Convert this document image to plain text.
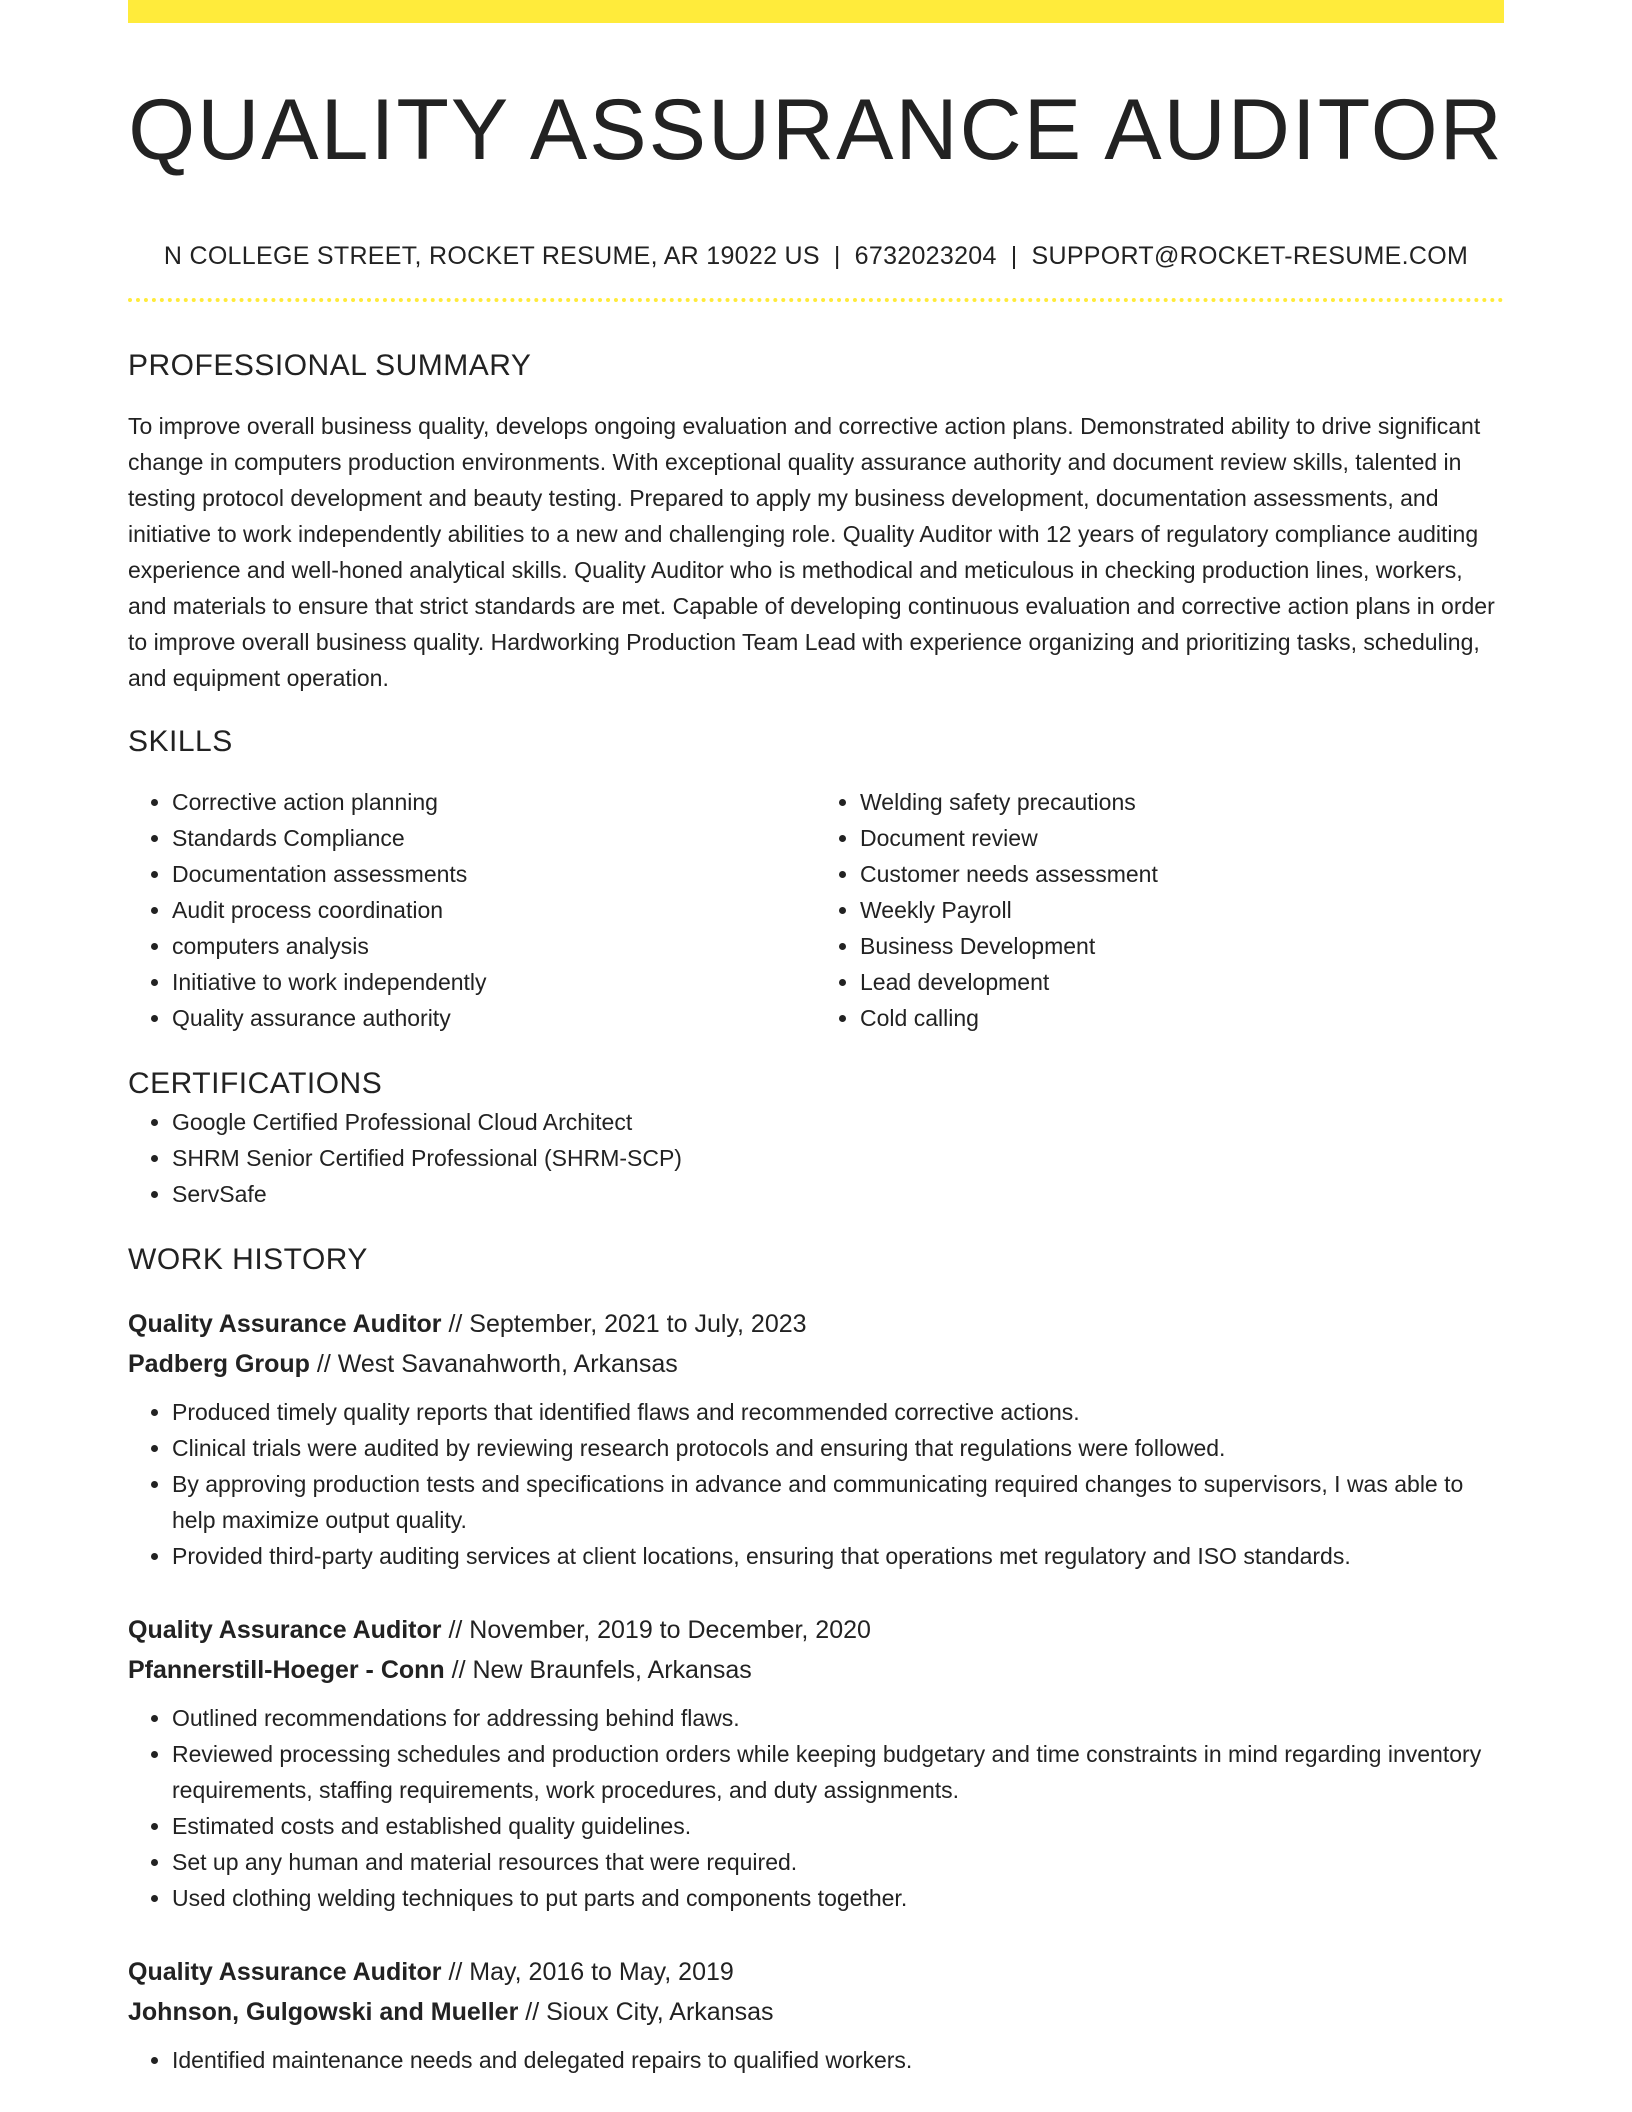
QUALITY ASSURANCE AUDITOR
N COLLEGE STREET, ROCKET RESUME, AR 19022 US | 6732023204 | SUPPORT@ROCKET-RESUME.COM
PROFESSIONAL SUMMARY

To improve overall business quality, develops ongoing evaluation and corrective action plans. Demonstrated ability to drive significant change in computers production environments. With exceptional quality assurance authority and document review skills, talented in testing protocol development and beauty testing. Prepared to apply my business development, documentation assessments, and initiative to work independently abilities to a new and challenging role. Quality Auditor with 12 years of regulatory compliance auditing experience and well-honed analytical skills. Quality Auditor who is methodical and meticulous in checking production lines, workers, and materials to ensure that strict standards are met. Capable of developing continuous evaluation and corrective action plans in order to improve overall business quality. Hardworking Production Team Lead with experience organizing and prioritizing tasks, scheduling, and equipment operation.

SKILLS
• Corrective action planning
• Standards Compliance
• Documentation assessments
• Audit process coordination
• computers analysis
• Initiative to work independently
• Quality assurance authority
• Welding safety precautions
• Document review
• Customer needs assessment
• Weekly Payroll
• Business Development
• Lead development
• Cold calling
CERTIFICATIONS
• Google Certified Professional Cloud Architect
• SHRM Senior Certified Professional (SHRM-SCP)
• ServSafe
WORK HISTORY
Quality Assurance Auditor // September, 2021 to July, 2023
Padberg Group // West Savanahworth, Arkansas
• Produced timely quality reports that identified flaws and recommended corrective actions.
• Clinical trials were audited by reviewing research protocols and ensuring that regulations were followed.
• By approving production tests and specifications in advance and communicating required changes to supervisors, I was able to help maximize output quality.
• Provided third-party auditing services at client locations, ensuring that operations met regulatory and ISO standards.
Quality Assurance Auditor // November, 2019 to December, 2020
Pfannerstill-Hoeger - Conn // New Braunfels, Arkansas
• Outlined recommendations for addressing behind flaws.
• Reviewed processing schedules and production orders while keeping budgetary and time constraints in mind regarding inventory requirements, staffing requirements, work procedures, and duty assignments.
• Estimated costs and established quality guidelines.
• Set up any human and material resources that were required.
• Used clothing welding techniques to put parts and components together.
Quality Assurance Auditor // May, 2016 to May, 2019
Johnson, Gulgowski and Mueller // Sioux City, Arkansas
• Identified maintenance needs and delegated repairs to qualified workers.
